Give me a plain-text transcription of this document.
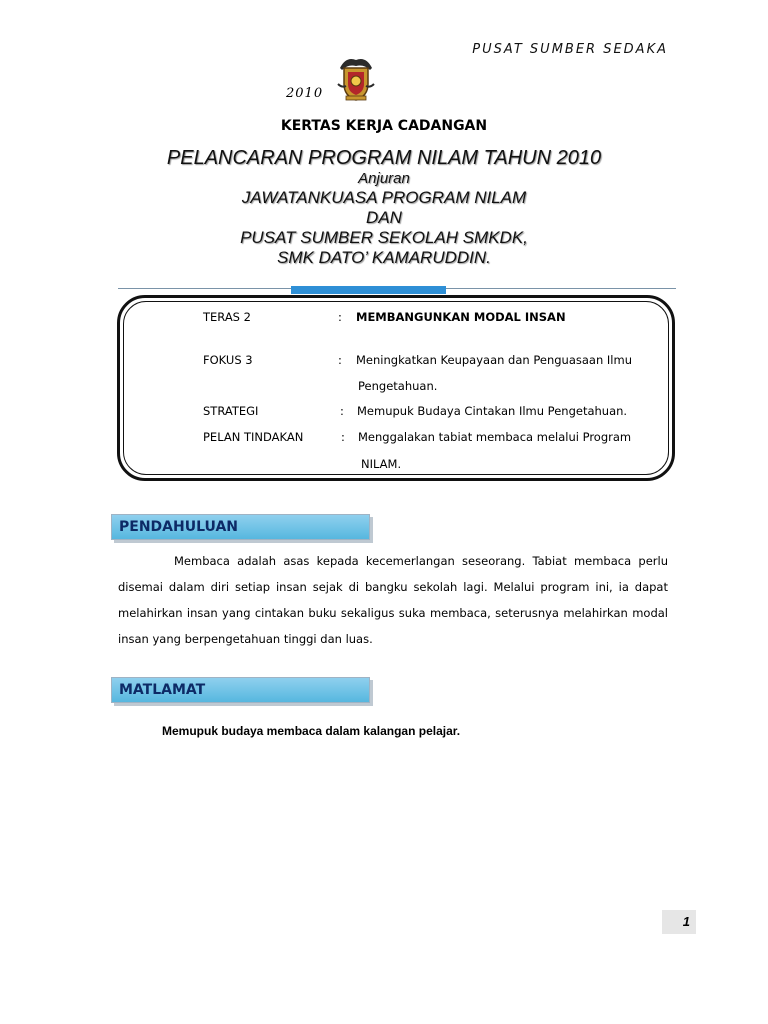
PUSAT SUMBER SEDAKA
2010
KERTAS KERJA CADANGAN
PELANCARAN PROGRAM NILAM TAHUN 2010
Anjuran
JAWATANKUASA PROGRAM NILAM
DAN
PUSAT SUMBER SEKOLAH SMKDK,
SMK DATO’ KAMARUDDIN.
TERAS 2	: MEMBANGUNKAN MODAL INSAN
FOKUS 3	: Meningkatkan Keupayaan dan Penguasaan Ilmu
Pengetahuan.
STRATEGI	: Memupuk Budaya Cintakan Ilmu Pengetahuan.
PELAN TINDAKAN	: Menggalakan tabiat membaca melalui Program
NILAM.
PENDAHULUAN
Membaca adalah asas kepada kecemerlangan seseorang. Tabiat membaca perlu disemai dalam diri setiap insan sejak di bangku sekolah lagi. Melalui program ini, ia dapat melahirkan insan yang cintakan buku sekaligus suka membaca, seterusnya melahirkan modal insan yang berpengetahuan tinggi dan luas.
MATLAMAT
Memupuk budaya membaca dalam kalangan pelajar.
1
